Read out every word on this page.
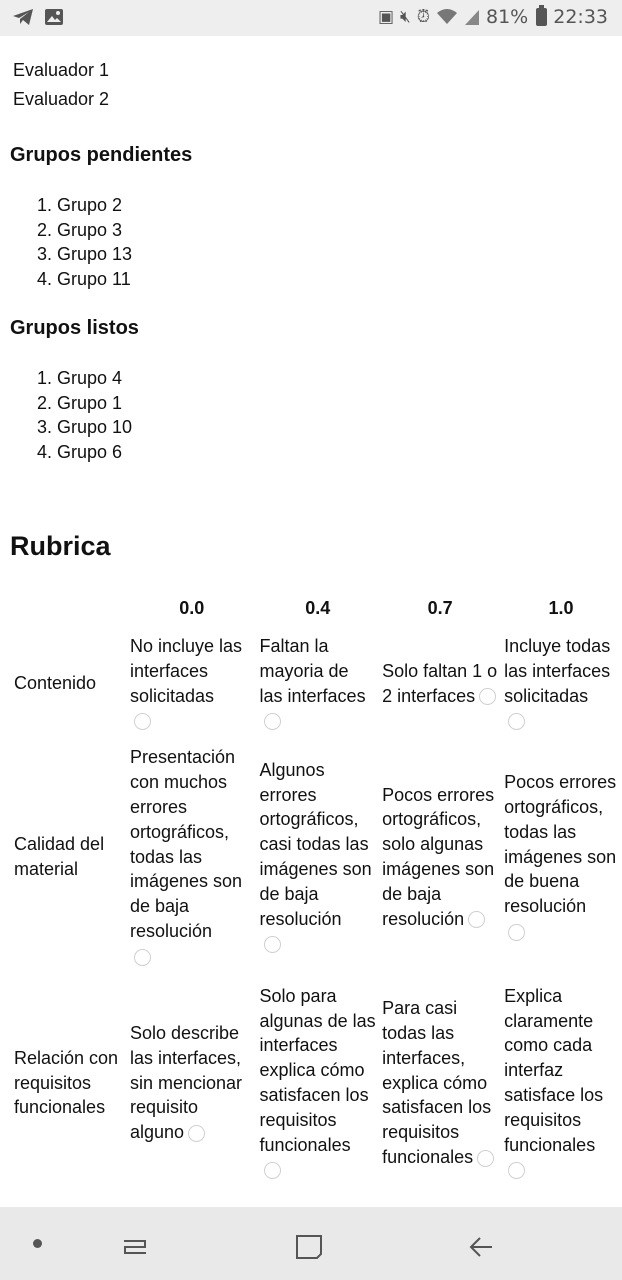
▣ 🔇︎ ⏰︎	81% 22:33
Evaluador 1
Evaluador 2
Grupos pendientes
1. Grupo 2
2. Grupo 3
3. Grupo 13
4. Grupo 11
Grupos listos
1. Grupo 4
2. Grupo 1
3. Grupo 10
4. Grupo 6
Rubrica
	0.0	0.4	0.7	1.0
Contenido	No incluye las interfaces solicitadas	Faltan la mayoria de las interfaces	Solo faltan 1 o 2 interfaces	Incluye todas las interfaces solicitadas

Calidad del material	Presentación con muchos errores ortográficos, todas las imágenes son de baja resolución	Algunos errores ortográficos, casi todas las imágenes son de baja resolución	Pocos errores ortográficos, solo algunas imágenes son de baja resolución	Pocos errores ortográficos, todas las imágenes son de buena resolución

Relación con requisitos funcionales	Solo describe las interfaces, sin mencionar requisito alguno	Solo para algunas de las interfaces explica cómo satisfacen los requisitos funcionales	Para casi todas las interfaces, explica cómo satisfacen los requisitos funcionales	Explica claramente como cada interfaz satisface los requisitos funcionales
